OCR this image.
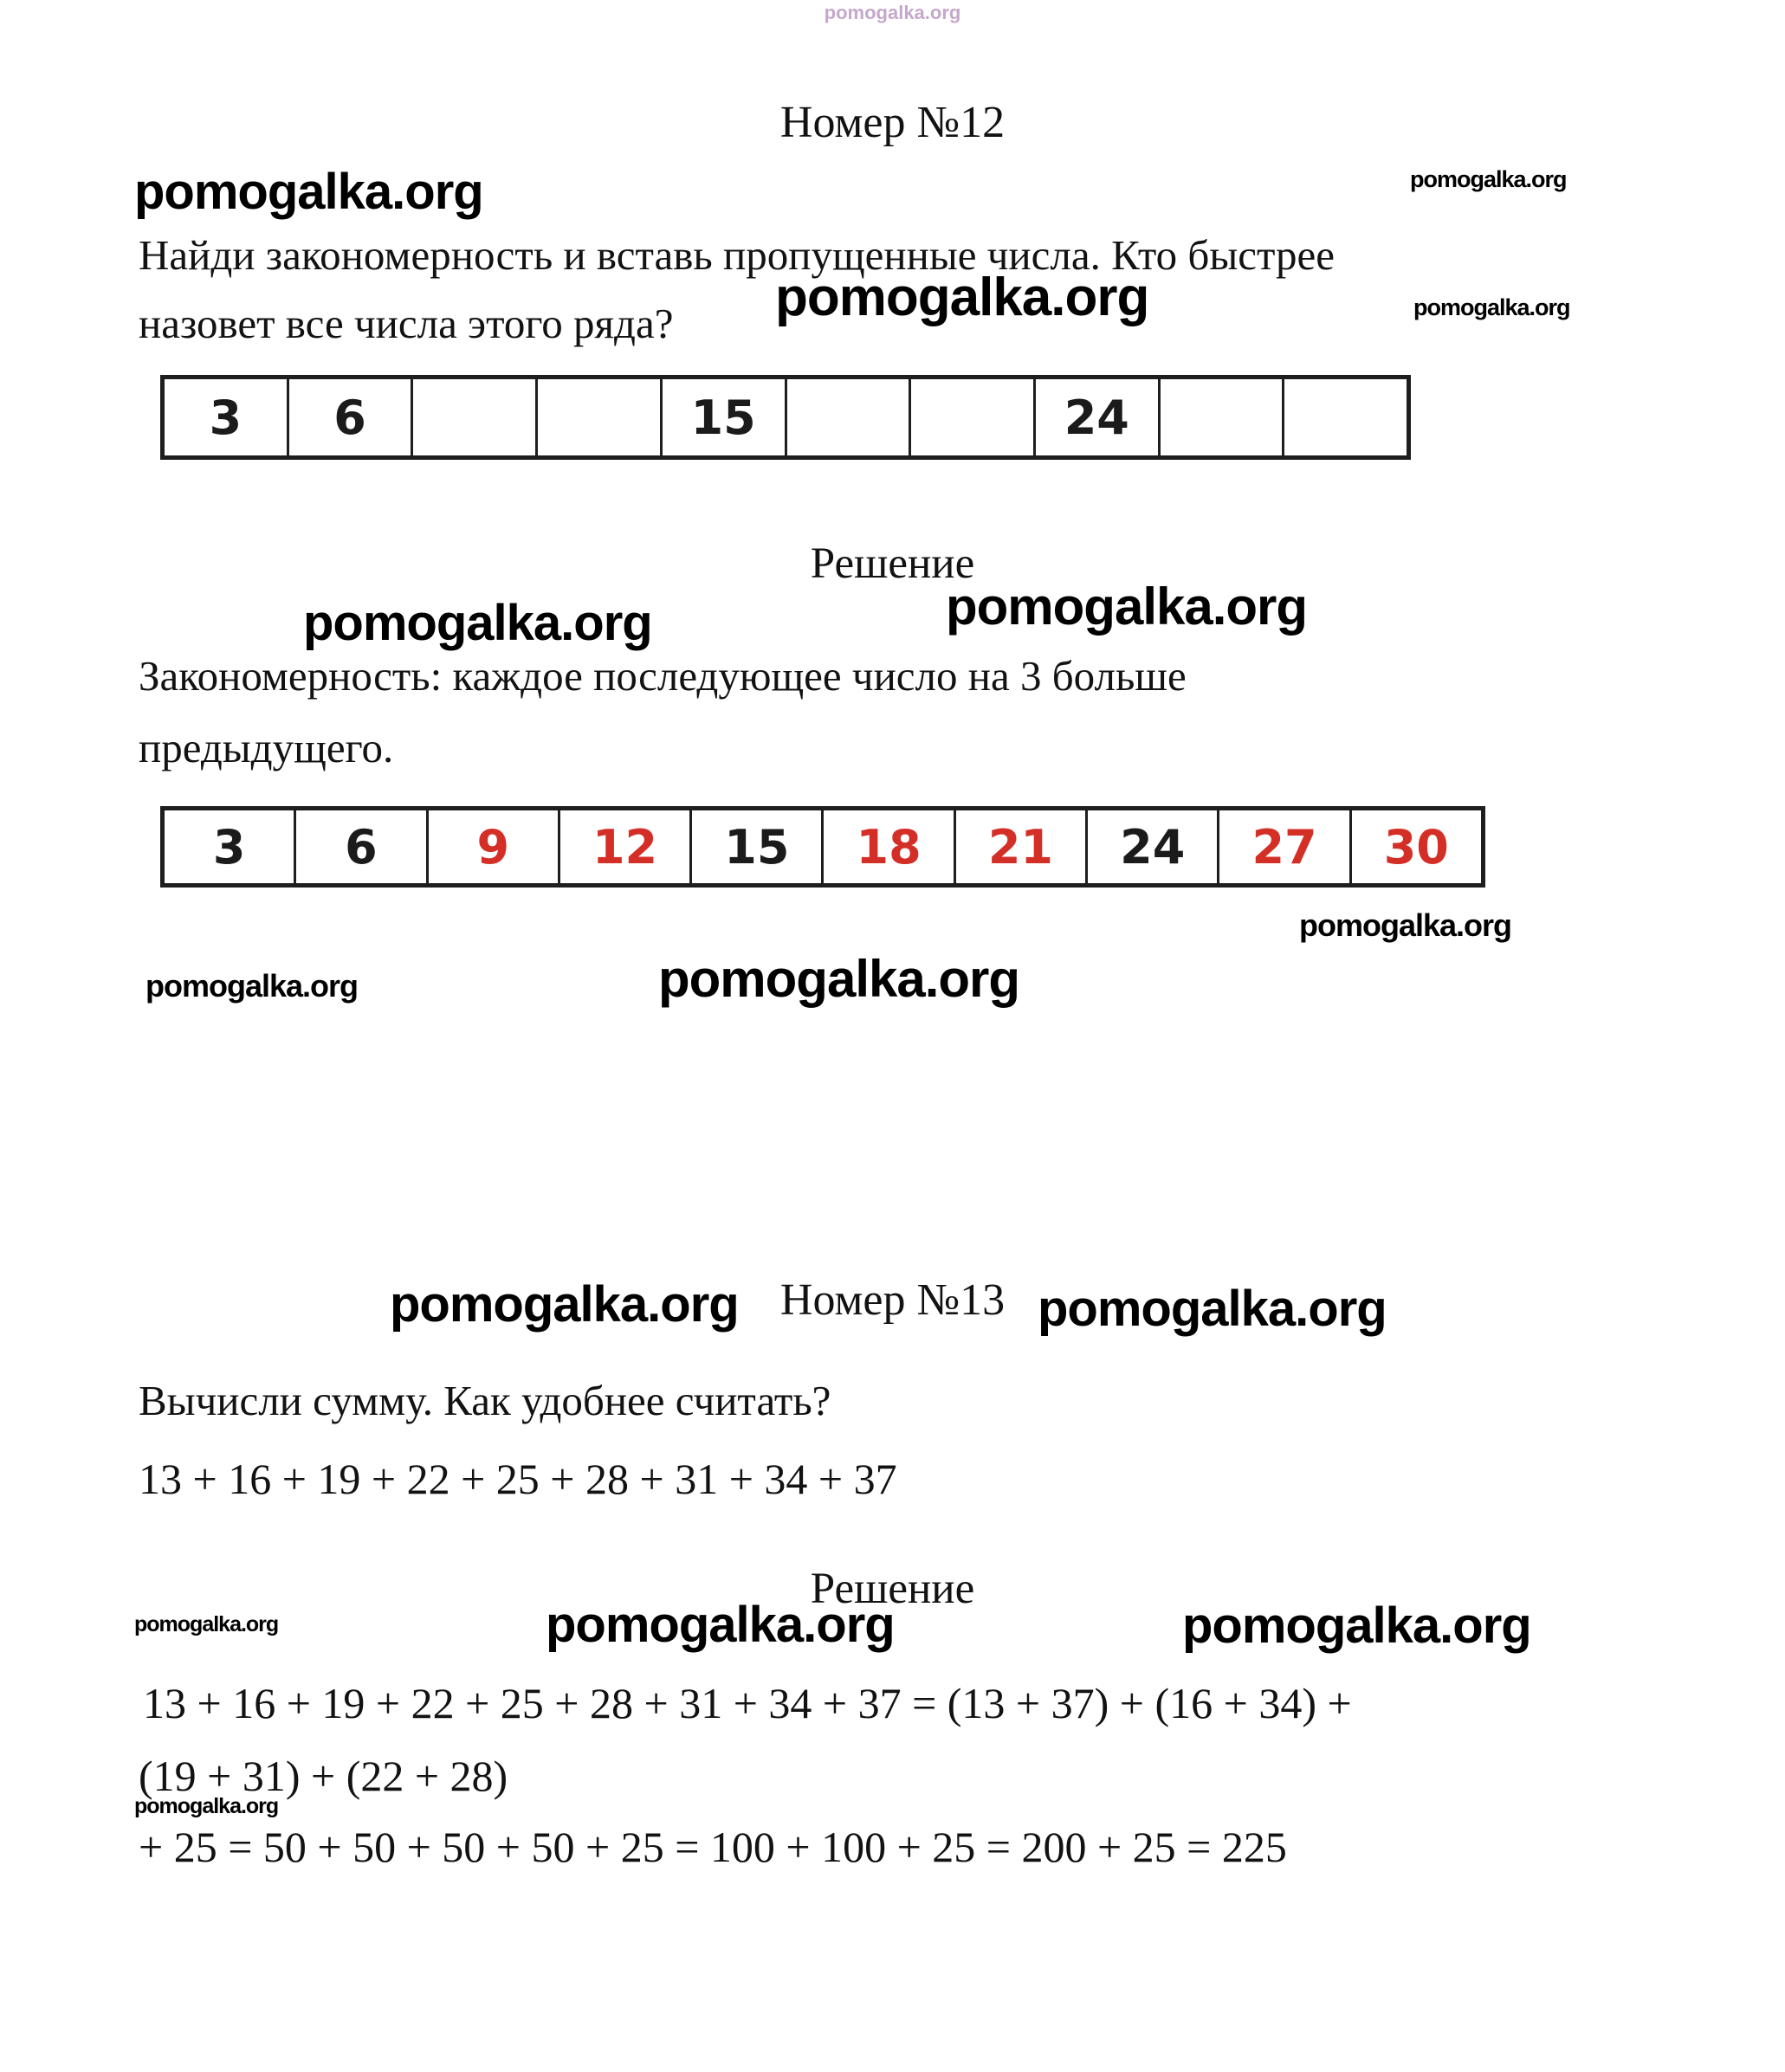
pomogalka.org
pomogalka.org	pomogalka.org
pomogalka.org	pomogalka.org
pomogalka.org	pomogalka.org
pomogalka.org
pomogalka.org	pomogalka.org
pomogalka.org	pomogalka.org
pomogalka.org	pomogalka.org	pomogalka.org
pomogalka.org
Номер №12

Найди закономерность и вставь пропущенные числа. Кто быстрее

назовет все числа этого ряда?

3	6	15	24
Решение

Закономерность: каждое последующее число на 3 больше

предыдущего.

3	6	9	12	15	18	21	24	27	30
Номер №13

Вычисли сумму. Как удобнее считать?

13 + 16 + 19 + 22 + 25 + 28 + 31 + 34 + 37

Решение

13 + 16 + 19 + 22 + 25 + 28 + 31 + 34 + 37 = (13 + 37) + (16 + 34) +

(19 + 31) + (22 + 28)

+ 25 = 50 + 50 + 50 + 50 + 25 = 100 + 100 + 25 = 200 + 25 = 225
